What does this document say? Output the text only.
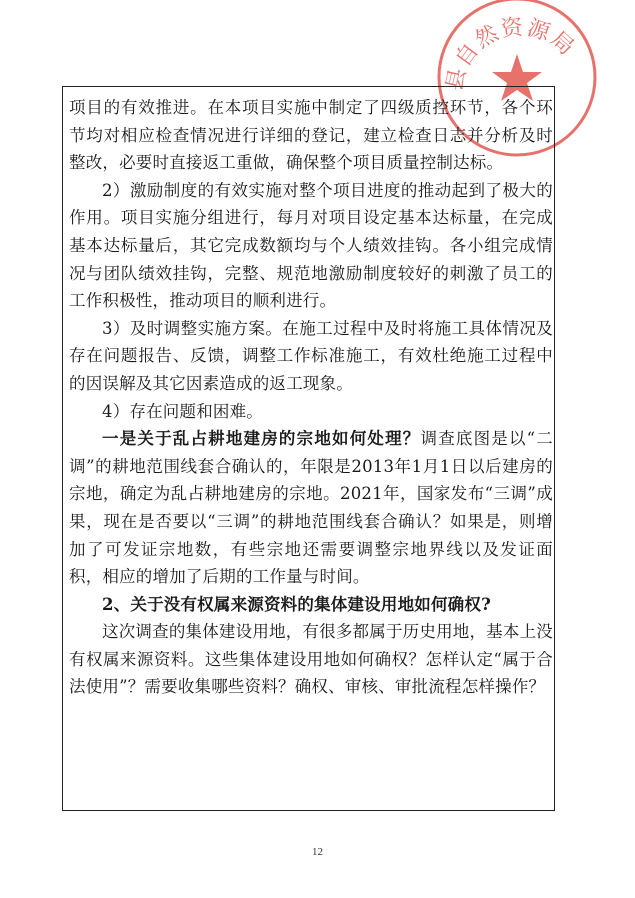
县自然资源局

项目的有效推进。在本项目实施中制定了四级质控环节，各个环节均对相应检查情况进行详细的登记，建立检查日志并分析及时整改，必要时直接返工重做，确保整个项目质量控制达标。

2）激励制度的有效实施对整个项目进度的推动起到了极大的作用。项目实施分组进行，每月对项目设定基本达标量，在完成基本达标量后，其它完成数额均与个人绩效挂钩。各小组完成情况与团队绩效挂钩，完整、规范地激励制度较好的刺激了员工的工作积极性，推动项目的顺利进行。

3）及时调整实施方案。在施工过程中及时将施工具体情况及存在问题报告、反馈，调整工作标准施工，有效杜绝施工过程中的因误解及其它因素造成的返工现象。

4）存在问题和困难。

一是关于乱占耕地建房的宗地如何处理？调查底图是以“二调”的耕地范围线套合确认的，年限是2013年1月1日以后建房的宗地，确定为乱占耕地建房的宗地。2021年，国家发布“三调”成果，现在是否要以“三调”的耕地范围线套合确认？如果是，则增加了可发证宗地数，有些宗地还需要调整宗地界线以及发证面积，相应的增加了后期的工作量与时间。

2、关于没有权属来源资料的集体建设用地如何确权?

这次调查的集体建设用地，有很多都属于历史用地，基本上没有权属来源资料。这些集体建设用地如何确权？怎样认定“属于合法使用”？需要收集哪些资料？确权、审核、审批流程怎样操作？

12
